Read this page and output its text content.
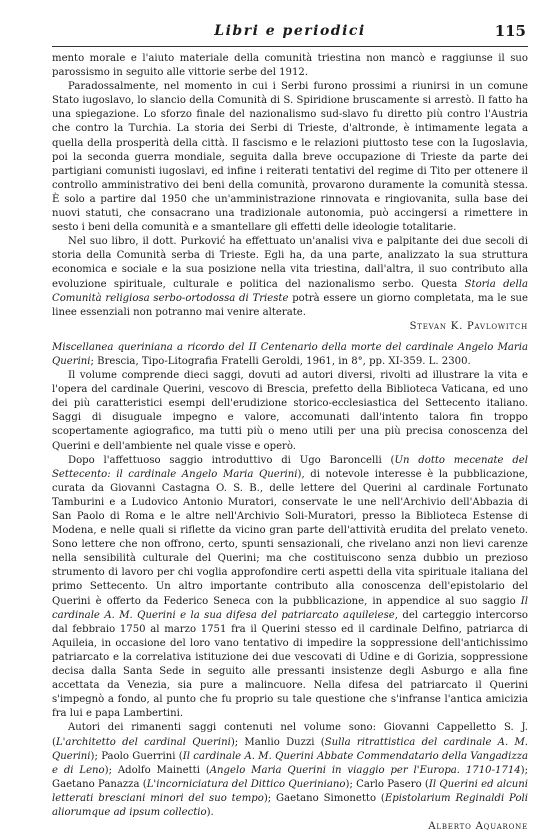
Libri e periodici	115

mento morale e l'aiuto materiale della comunità triestina non mancò e raggiunse il suo parossismo in seguito alle vittorie serbe del 1912.

Paradossalmente, nel momento in cui i Serbi furono prossimi a riunirsi in un comune Stato iugoslavo, lo slancio della Comunità di S. Spiridione bruscamente si arrestò. Il fatto ha una spiegazione. Lo sforzo finale del nazionalismo sud-slavo fu diretto più contro l'Austria che contro la Turchia. La storia dei Serbi di Trieste, d'altronde, è intimamente legata a quella della prosperità della città. Il fascismo e le relazioni piuttosto tese con la Iugoslavia, poi la seconda guerra mondiale, seguita dalla breve occupazione di Trieste da parte dei partigiani comunisti iugoslavi, ed infine i reiterati tentativi del regime di Tito per ottenere il controllo amministrativo dei beni della comunità, provarono duramente la comunità stessa. È solo a partire dal 1950 che un'amministrazione rinnovata e ringiovanita, sulla base dei nuovi statuti, che consacrano una tradizionale autonomia, può accingersi a rimettere in sesto i beni della comunità e a smantellare gli effetti delle ideologie totalitarie.

Nel suo libro, il dott. Purković ha effettuato un'analisi viva e palpitante dei due secoli di storia della Comunità serba di Trieste. Egli ha, da una parte, analizzato la sua struttura economica e sociale e la sua posizione nella vita triestina, dall'altra, il suo contributo alla evoluzione spirituale, culturale e politica del nazionalismo serbo. Questa Storia della Comunità religiosa serbo-ortodossa di Trieste potrà essere un giorno completata, ma le sue linee essenziali non potranno mai venire alterate.

Stevan K. Pavlowitch

Miscellanea queriniana a ricordo del II Centenario della morte del cardinale Angelo Maria Querini; Brescia, Tipo-Litografia Fratelli Geroldi, 1961, in 8°, pp. XI-359. L. 2300.

Il volume comprende dieci saggi, dovuti ad autori diversi, rivolti ad illustrare la vita e l'opera del cardinale Querini, vescovo di Brescia, prefetto della Biblioteca Vaticana, ed uno dei più caratteristici esempi dell'erudizione storico-ecclesiastica del Settecento italiano. Saggi di disuguale impegno e valore, accomunati dall'intento talora fin troppo scopertamente agiografico, ma tutti più o meno utili per una più precisa conoscenza del Querini e dell'ambiente nel quale visse e operò.

Dopo l'affettuoso saggio introduttivo di Ugo Baroncelli (Un dotto mecenate del Settecento: il cardinale Angelo Maria Querini), di notevole interesse è la pubblicazione, curata da Giovanni Castagna O. S. B., delle lettere del Querini al cardinale Fortunato Tamburini e a Ludovico Antonio Muratori, conservate le une nell'Archivio dell'Abbazia di San Paolo di Roma e le altre nell'Archivio Soli-Muratori, presso la Biblioteca Estense di Modena, e nelle quali si riflette da vicino gran parte dell'attività erudita del prelato veneto. Sono lettere che non offrono, certo, spunti sensazionali, che rivelano anzi non lievi carenze nella sensibilità culturale del Querini; ma che costituiscono senza dubbio un prezioso strumento di lavoro per chi voglia approfondire certi aspetti della vita spirituale italiana del primo Settecento. Un altro importante contributo alla conoscenza dell'epistolario del Querini è offerto da Federico Seneca con la pubblicazione, in appendice al suo saggio Il cardinale A. M. Querini e la sua difesa del patriarcato aquileiese, del carteggio intercorso dal febbraio 1750 al marzo 1751 fra il Querini stesso ed il cardinale Delfino, patriarca di Aquileia, in occasione del loro vano tentativo di impedire la soppressione dell'antichissimo patriarcato e la correlativa istituzione dei due vescovati di Udine e di Gorizia, soppressione decisa dalla Santa Sede in seguito alle pressanti insistenze degli Asburgo e alla fine accettata da Venezia, sia pure a malincuore. Nella difesa del patriarcato il Querini s'impegnò a fondo, al punto che fu proprio su tale questione che s'infranse l'antica amicizia fra lui e papa Lambertini.

Autori dei rimanenti saggi contenuti nel volume sono: Giovanni Cappelletto S. J. (L'architetto del cardinal Querini); Manlio Duzzi (Sulla ritrattistica del cardinale A. M. Querini); Paolo Guerrini (Il cardinale A. M. Querini Abbate Commendatario della Vangadizza e di Leno); Adolfo Mainetti (Angelo Maria Querini in viaggio per l'Europa. 1710-1714); Gaetano Panazza (L'incorniciatura del Dittico Queriniano); Carlo Pasero (Il Querini ed alcuni letterati bresciani minori del suo tempo); Gaetano Simonetto (Epistolarium Reginaldi Poli aliorumque ad ipsum collectio).

Alberto Aquarone
